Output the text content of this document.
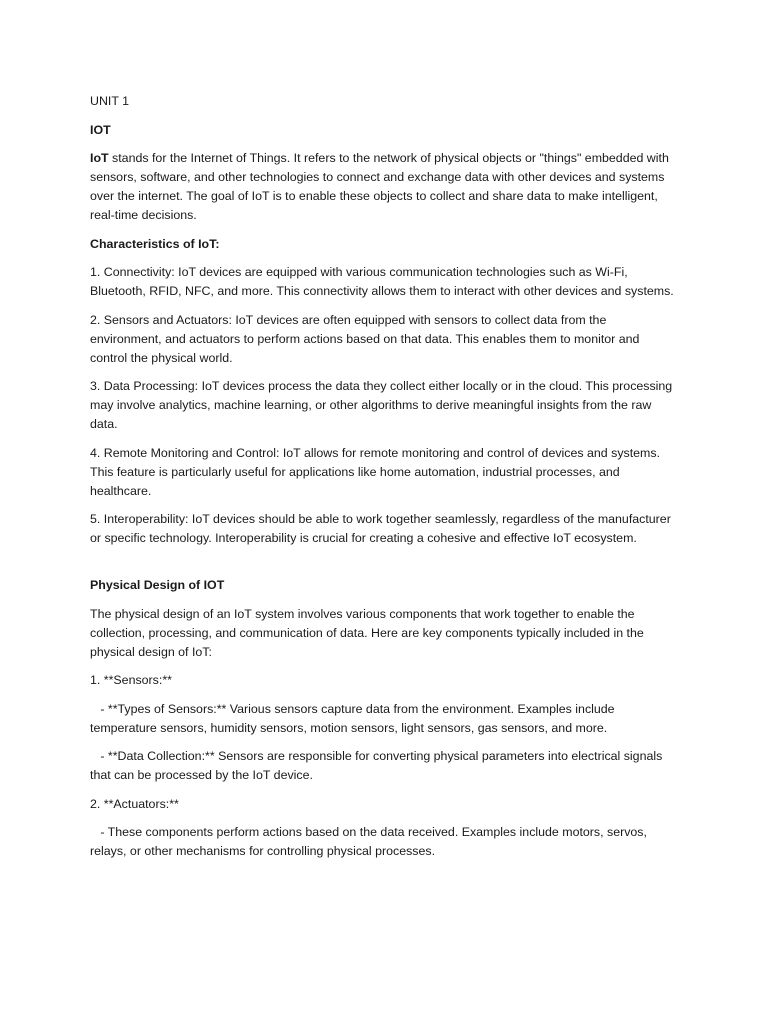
UNIT 1

IOT

IoT stands for the Internet of Things. It refers to the network of physical objects or "things" embedded with sensors, software, and other technologies to connect and exchange data with other devices and systems over the internet. The goal of IoT is to enable these objects to collect and share data to make intelligent, real-time decisions.

Characteristics of IoT:

1. Connectivity: IoT devices are equipped with various communication technologies such as Wi-Fi, Bluetooth, RFID, NFC, and more. This connectivity allows them to interact with other devices and systems.

2. Sensors and Actuators: IoT devices are often equipped with sensors to collect data from the environment, and actuators to perform actions based on that data. This enables them to monitor and control the physical world.

3. Data Processing: IoT devices process the data they collect either locally or in the cloud. This processing may involve analytics, machine learning, or other algorithms to derive meaningful insights from the raw data.

4. Remote Monitoring and Control: IoT allows for remote monitoring and control of devices and systems. This feature is particularly useful for applications like home automation, industrial processes, and healthcare.

5. Interoperability: IoT devices should be able to work together seamlessly, regardless of the manufacturer or specific technology. Interoperability is crucial for creating a cohesive and effective IoT ecosystem.

Physical Design of IOT

The physical design of an IoT system involves various components that work together to enable the collection, processing, and communication of data. Here are key components typically included in the physical design of IoT:

1. **Sensors:**

- **Types of Sensors:** Various sensors capture data from the environment. Examples include temperature sensors, humidity sensors, motion sensors, light sensors, gas sensors, and more.

- **Data Collection:** Sensors are responsible for converting physical parameters into electrical signals that can be processed by the IoT device.

2. **Actuators:**

- These components perform actions based on the data received. Examples include motors, servos, relays, or other mechanisms for controlling physical processes.
